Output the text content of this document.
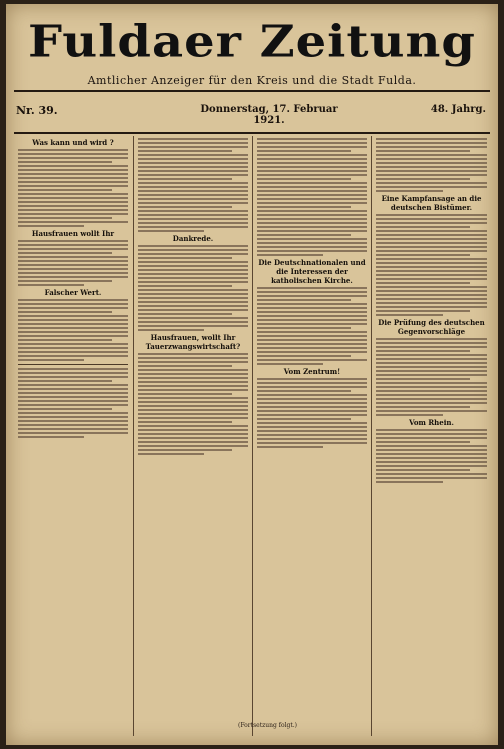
Fuldaer Zeitung
Amtlicher Anzeiger für den Kreis und die Stadt Fulda.
Nr. 39.	Donnerstag, 17. Februar 1921.
48. Jahrg.
Was kann und wird ?
Hausfrauen wollt Ihr
Falscher Wert.
Dankrede.
Hausfrauen, wollt Ihr Tauerzwangswirtschaft?
Die Deutschnationalen und die Interessen der katholischen Kirche.
Vom Zentrum!
Eine Kampfansage an die deutschen Bistümer.
Die Prüfung des deutschen Gegenvorschläge
Vom Rhein.
(Fortsetzung folgt.)
